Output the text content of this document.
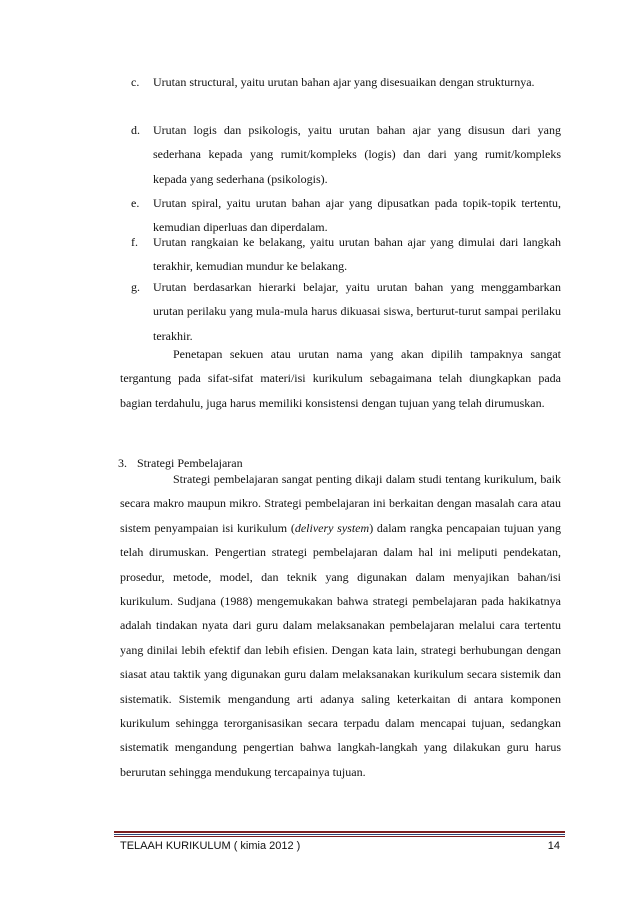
c. Urutan structural, yaitu urutan bahan ajar yang disesuaikan dengan strukturnya.

d. Urutan logis dan psikologis, yaitu urutan bahan ajar yang disusun dari yang sederhana kepada yang rumit/kompleks (logis) dan dari yang rumit/kompleks kepada yang sederhana (psikologis).

e. Urutan spiral, yaitu urutan bahan ajar yang dipusatkan pada topik-topik tertentu, kemudian diperluas dan diperdalam.

f. Urutan rangkaian ke belakang, yaitu urutan bahan ajar yang dimulai dari langkah terakhir, kemudian mundur ke belakang.

g. Urutan berdasarkan hierarki belajar, yaitu urutan bahan yang menggambarkan urutan perilaku yang mula-mula harus dikuasai siswa, berturut-turut sampai perilaku terakhir.

Penetapan sekuen atau urutan nama yang akan dipilih tampaknya sangat tergantung pada sifat-sifat materi/isi kurikulum sebagaimana telah diungkapkan pada bagian terdahulu, juga harus memiliki konsistensi dengan tujuan yang telah dirumuskan.

3. Strategi Pembelajaran

Strategi pembelajaran sangat penting dikaji dalam studi tentang kurikulum, baik secara makro maupun mikro. Strategi pembelajaran ini berkaitan dengan masalah cara atau sistem penyampaian isi kurikulum (delivery system) dalam rangka pencapaian tujuan yang telah dirumuskan. Pengertian strategi pembelajaran dalam hal ini meliputi pendekatan, prosedur, metode, model, dan teknik yang digunakan dalam menyajikan bahan/isi kurikulum. Sudjana (1988) mengemukakan bahwa strategi pembelajaran pada hakikatnya adalah tindakan nyata dari guru dalam melaksanakan pembelajaran melalui cara tertentu yang dinilai lebih efektif dan lebih efisien. Dengan kata lain, strategi berhubungan dengan siasat atau taktik yang digunakan guru dalam melaksanakan kurikulum secara sistemik dan sistematik. Sistemik mengandung arti adanya saling keterkaitan di antara komponen kurikulum sehingga terorganisasikan secara terpadu dalam mencapai tujuan, sedangkan sistematik mengandung pengertian bahwa langkah-langkah yang dilakukan guru harus berurutan sehingga mendukung tercapainya tujuan.

TELAAH KURIKULUM ( kimia 2012 )	14
